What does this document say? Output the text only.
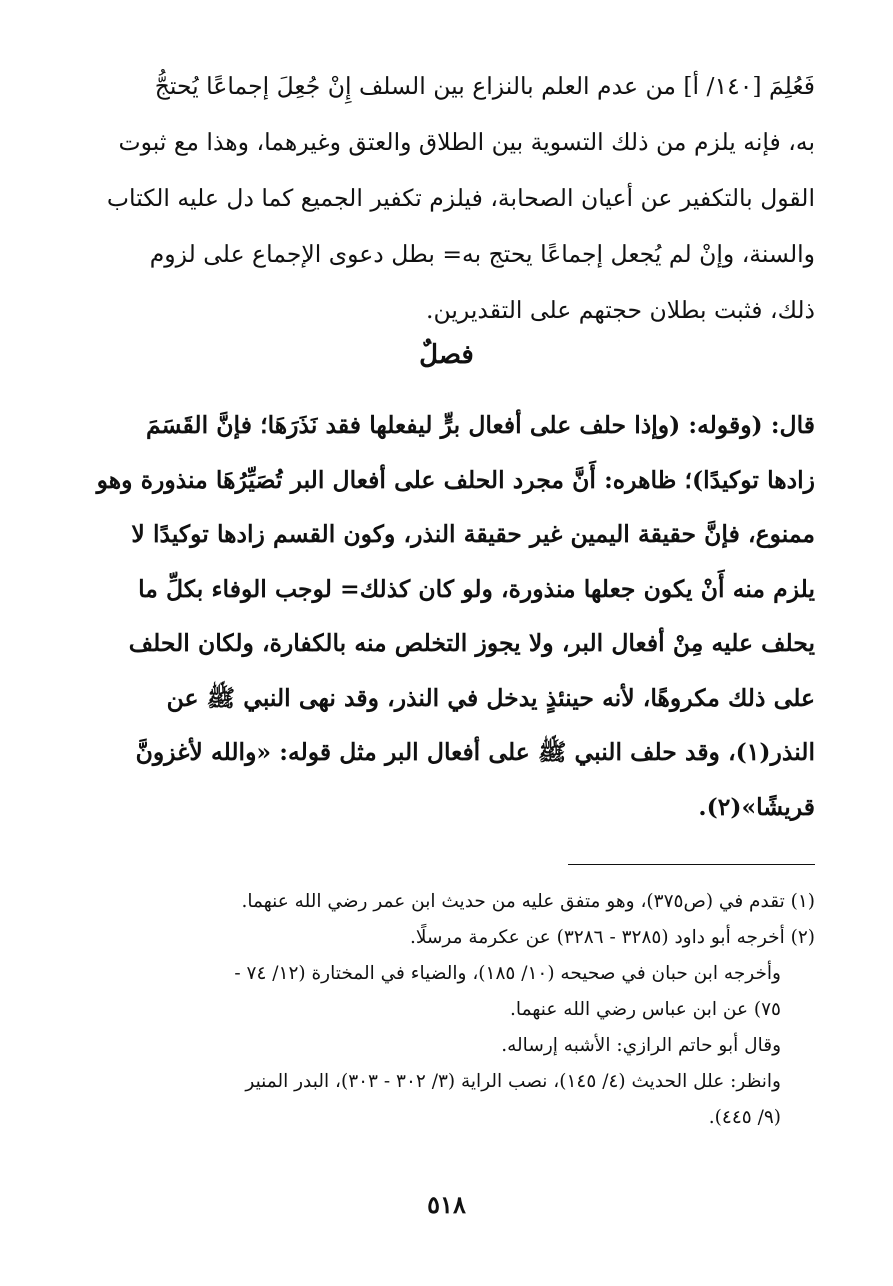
فَعُلِمَ [١٤٠/ أ] من عدم العلم بالنزاع بين السلف إِنْ جُعِلَ إجماعًا يُحتجُّ
به، فإنه يلزم من ذلك التسوية بين الطلاق والعتق وغيرهما، وهذا مع ثبوت
القول بالتكفير عن أعيان الصحابة، فيلزم تكفير الجميع كما دل عليه الكتاب
والسنة، وإنْ لم يُجعل إجماعًا يحتج به= بطل دعوى الإجماع على لزوم
ذلك، فثبت بطلان حجتهم على التقديرين.
فصلٌ
قال: (وقوله: (وإذا حلف على أفعال برٍّ ليفعلها فقد نَذَرَهَا؛ فإنَّ القَسَمَ
زادها توكيدًا)؛ ظاهره: أَنَّ مجرد الحلف على أفعال البر تُصَيِّرُهَا منذورة وهو
ممنوع، فإنَّ حقيقة اليمين غير حقيقة النذر، وكون القسم زادها توكيدًا لا
يلزم منه أَنْ يكون جعلها منذورة، ولو كان كذلك= لوجب الوفاء بكلِّ ما
يحلف عليه مِنْ أفعال البر، ولا يجوز التخلص منه بالكفارة، ولكان الحلف
على ذلك مكروهًا، لأنه حينئذٍ يدخل في النذر، وقد نهى النبي ﷺ عن
النذر(١)، وقد حلف النبي ﷺ على أفعال البر مثل قوله: «والله لأغزونَّ
قريشًا»(٢).
(١) تقدم في (ص٣٧٥)، وهو متفق عليه من حديث ابن عمر رضي الله عنهما.
(٢) أخرجه أبو داود (٣٢٨٥ - ٣٢٨٦) عن عكرمة مرسلًا.
وأخرجه ابن حبان في صحيحه (١٠/ ١٨٥)، والضياء في المختارة (١٢/ ٧٤ -
٧٥) عن ابن عباس رضي الله عنهما.
وقال أبو حاتم الرازي: الأشبه إرساله.
وانظر: علل الحديث (٤/ ١٤٥)، نصب الراية (٣/ ٣٠٢ - ٣٠٣)، البدر المنير
(٩/ ٤٤٥).
٥١٨
